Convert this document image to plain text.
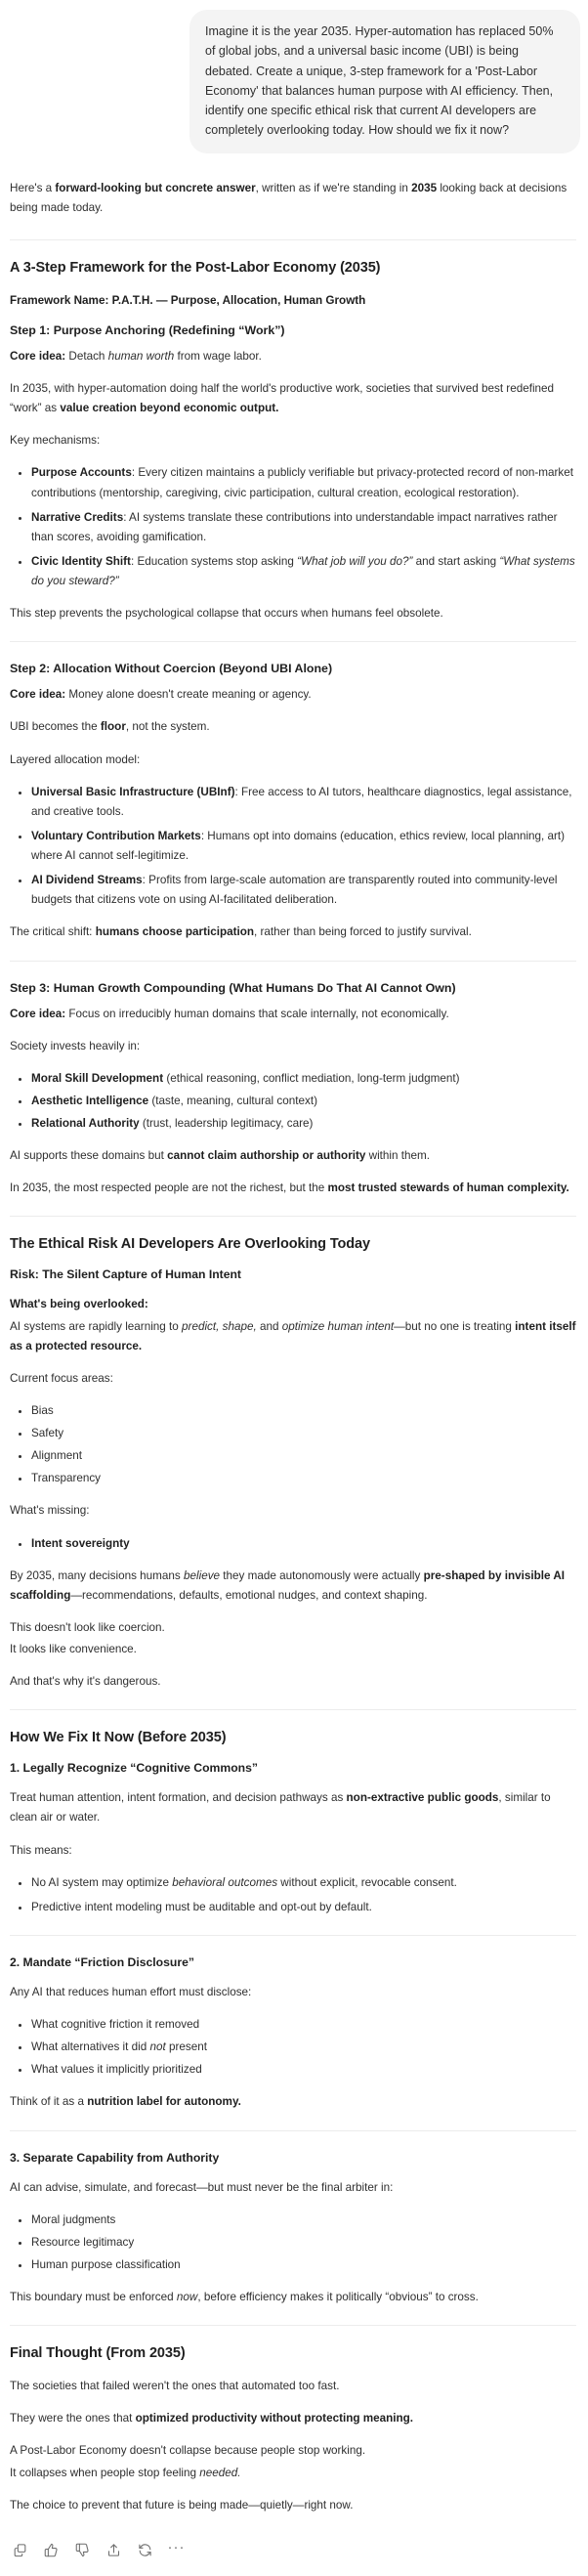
Imagine it is the year 2035. Hyper-automation has replaced 50% of global jobs, and a universal basic income (UBI) is being debated. Create a unique, 3-step framework for a 'Post-Labor Economy' that balances human purpose with AI efficiency. Then, identify one specific ethical risk that current AI developers are completely overlooking today. How should we fix it now?

Here's a forward-looking but concrete answer, written as if we're standing in 2035 looking back at decisions being made today.

A 3-Step Framework for the Post-Labor Economy (2035)

Framework Name: P.A.T.H. — Purpose, Allocation, Human Growth

Step 1: Purpose Anchoring (Redefining “Work”)

Core idea: Detach human worth from wage labor.

In 2035, with hyper-automation doing half the world's productive work, societies that survived best redefined “work” as value creation beyond economic output.

Key mechanisms:

• Purpose Accounts: Every citizen maintains a publicly verifiable but privacy-protected record of non-market contributions (mentorship, caregiving, civic participation, cultural creation, ecological restoration).
• Narrative Credits: AI systems translate these contributions into understandable impact narratives rather than scores, avoiding gamification.
• Civic Identity Shift: Education systems stop asking “What job will you do?” and start asking “What systems do you steward?”

This step prevents the psychological collapse that occurs when humans feel obsolete.

Step 2: Allocation Without Coercion (Beyond UBI Alone)

Core idea: Money alone doesn't create meaning or agency.

UBI becomes the floor, not the system.

Layered allocation model:

• Universal Basic Infrastructure (UBInf): Free access to AI tutors, healthcare diagnostics, legal assistance, and creative tools.
• Voluntary Contribution Markets: Humans opt into domains (education, ethics review, local planning, art) where AI cannot self-legitimize.
• AI Dividend Streams: Profits from large-scale automation are transparently routed into community-level budgets that citizens vote on using AI-facilitated deliberation.

The critical shift: humans choose participation, rather than being forced to justify survival.

Step 3: Human Growth Compounding (What Humans Do That AI Cannot Own)

Core idea: Focus on irreducibly human domains that scale internally, not economically.

Society invests heavily in:

• Moral Skill Development (ethical reasoning, conflict mediation, long-term judgment)
• Aesthetic Intelligence (taste, meaning, cultural context)
• Relational Authority (trust, leadership legitimacy, care)

AI supports these domains but cannot claim authorship or authority within them.

In 2035, the most respected people are not the richest, but the most trusted stewards of human complexity.

The Ethical Risk AI Developers Are Overlooking Today
Risk: The Silent Capture of Human Intent

What's being overlooked:

AI systems are rapidly learning to predict, shape, and optimize human intent—but no one is treating intent itself as a protected resource.

Current focus areas:

• Bias
• Safety
• Alignment
• Transparency

What's missing:

• Intent sovereignty

By 2035, many decisions humans believe they made autonomously were actually pre-shaped by invisible AI scaffolding—recommendations, defaults, emotional nudges, and context shaping.

This doesn't look like coercion.

It looks like convenience.

And that's why it's dangerous.

How We Fix It Now (Before 2035)
1. Legally Recognize “Cognitive Commons”

Treat human attention, intent formation, and decision pathways as non-extractive public goods, similar to clean air or water.

This means:

• No AI system may optimize behavioral outcomes without explicit, revocable consent.
• Predictive intent modeling must be auditable and opt-out by default.
2. Mandate “Friction Disclosure”

Any AI that reduces human effort must disclose:

• What cognitive friction it removed
• What alternatives it did not present
• What values it implicitly prioritized

Think of it as a nutrition label for autonomy.

3. Separate Capability from Authority

AI can advise, simulate, and forecast—but must never be the final arbiter in:

• Moral judgments
• Resource legitimacy
• Human purpose classification

This boundary must be enforced now, before efficiency makes it politically “obvious” to cross.

Final Thought (From 2035)

The societies that failed weren't the ones that automated too fast.

They were the ones that optimized productivity without protecting meaning.

A Post-Labor Economy doesn't collapse because people stop working.

It collapses when people stop feeling needed.

The choice to prevent that future is being made—quietly—right now.

···
